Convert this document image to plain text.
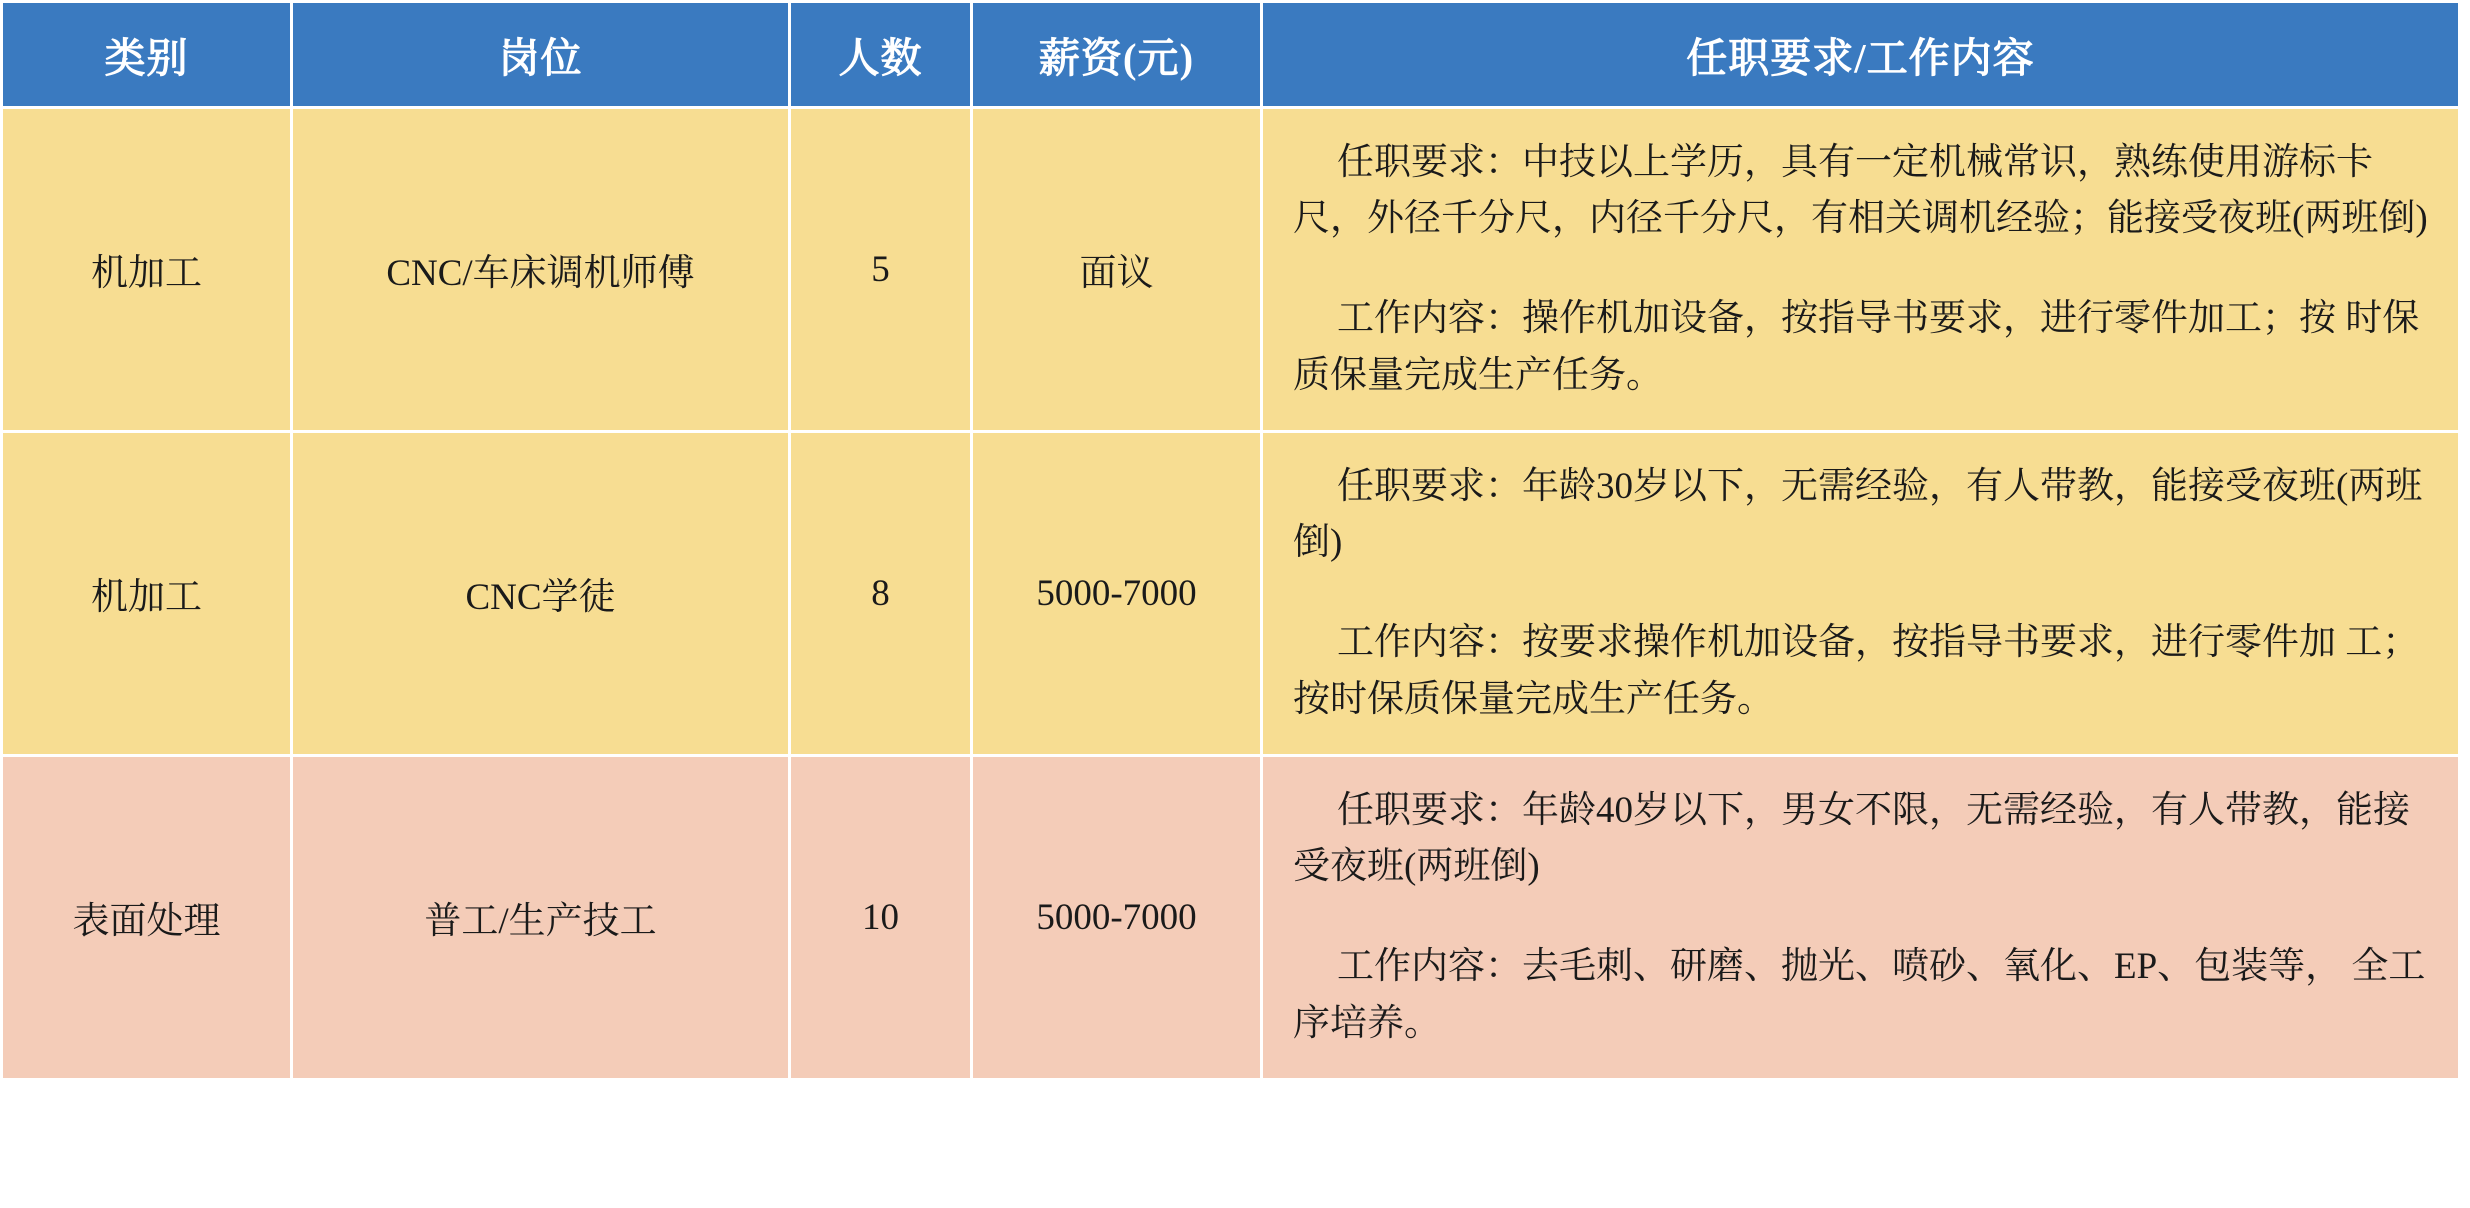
类别	岗位	人数	薪资(元)	任职要求/工作内容
机加工	CNC/车床调机师傅	5	面议	任职要求：中技以上学历，具有一定机械常识，熟练使用游标卡尺，外径千分尺，内径千分尺，有相关调机经验；能接受夜班(两班倒)

工作内容：操作机加设备，按指导书要求，进行零件加工；按 时保质保量完成生产任务。

机加工	CNC学徒	8	5000-7000	任职要求：年龄30岁以下，无需经验，有人带教，能接受夜班(两班倒)

工作内容：按要求操作机加设备，按指导书要求，进行零件加 工；按时保质保量完成生产任务。

表面处理	普工/生产技工	10	5000-7000	任职要求：年龄40岁以下，男女不限，无需经验，有人带教，能接受夜班(两班倒)

工作内容：去毛刺、研磨、抛光、喷砂、氧化、EP、包装等， 全工序培养。
